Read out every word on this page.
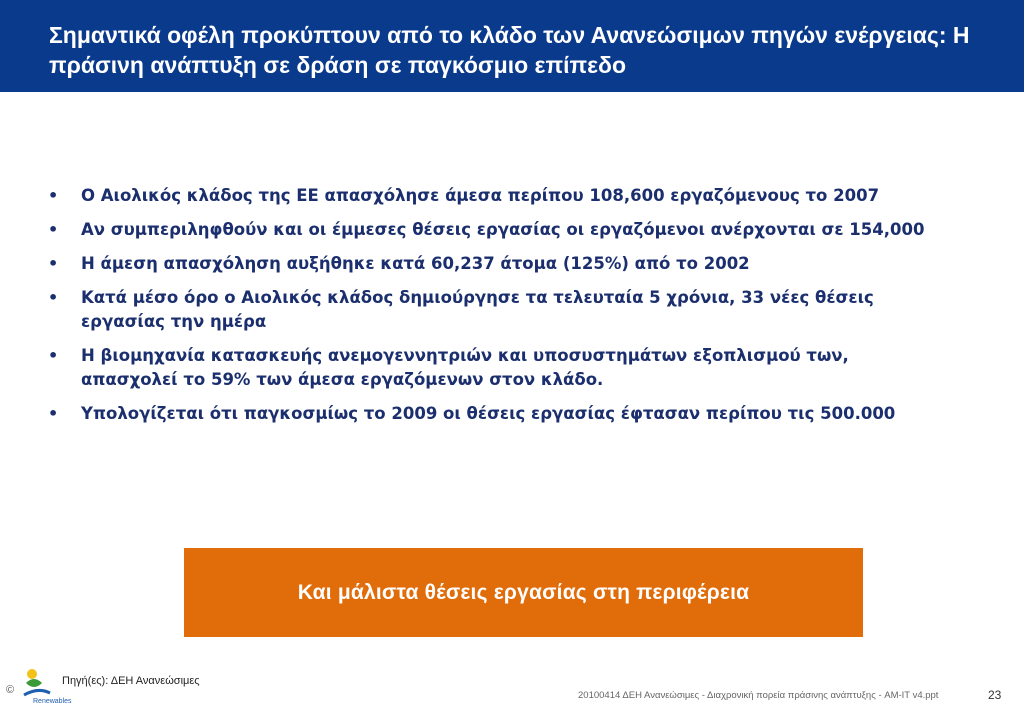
Σημαντικά οφέλη προκύπτουν από το κλάδο των Ανανεώσιμων πηγών ενέργειας: Η πράσινη ανάπτυξη σε δράση σε παγκόσμιο επίπεδο
•	Ο Αιολικός κλάδος της ΕΕ απασχόλησε άμεσα περίπου 108,600 εργαζόμενους το 2007
•	Αν συμπεριληφθούν και οι έμμεσες θέσεις εργασίας οι εργαζόμενοι ανέρχονται σε 154,000
•	Η άμεση απασχόληση αυξήθηκε κατά 60,237 άτομα (125%) από το 2002
•	Κατά μέσο όρο ο Αιολικός κλάδος δημιούργησε τα τελευταία 5 χρόνια, 33 νέες θέσεις εργασίας την ημέρα
•	Η βιομηχανία κατασκευής ανεμογεννητριών και υποσυστημάτων εξοπλισμού των, απασχολεί το 59% των άμεσα εργαζόμενων στον κλάδο.
•	Υπολογίζεται ότι παγκοσμίως το 2009 οι θέσεις εργασίας έφτασαν περίπου τις 500.000
Και μάλιστα θέσεις εργασίας στη περιφέρεια
©
Renewables
Πηγή(ες): ΔΕΗ Ανανεώσιμες
20100414 ΔΕΗ Ανανεώσιμες - Διαχρονική πορεία πράσινης ανάπτυξης - AM-IT v4.ppt	23
